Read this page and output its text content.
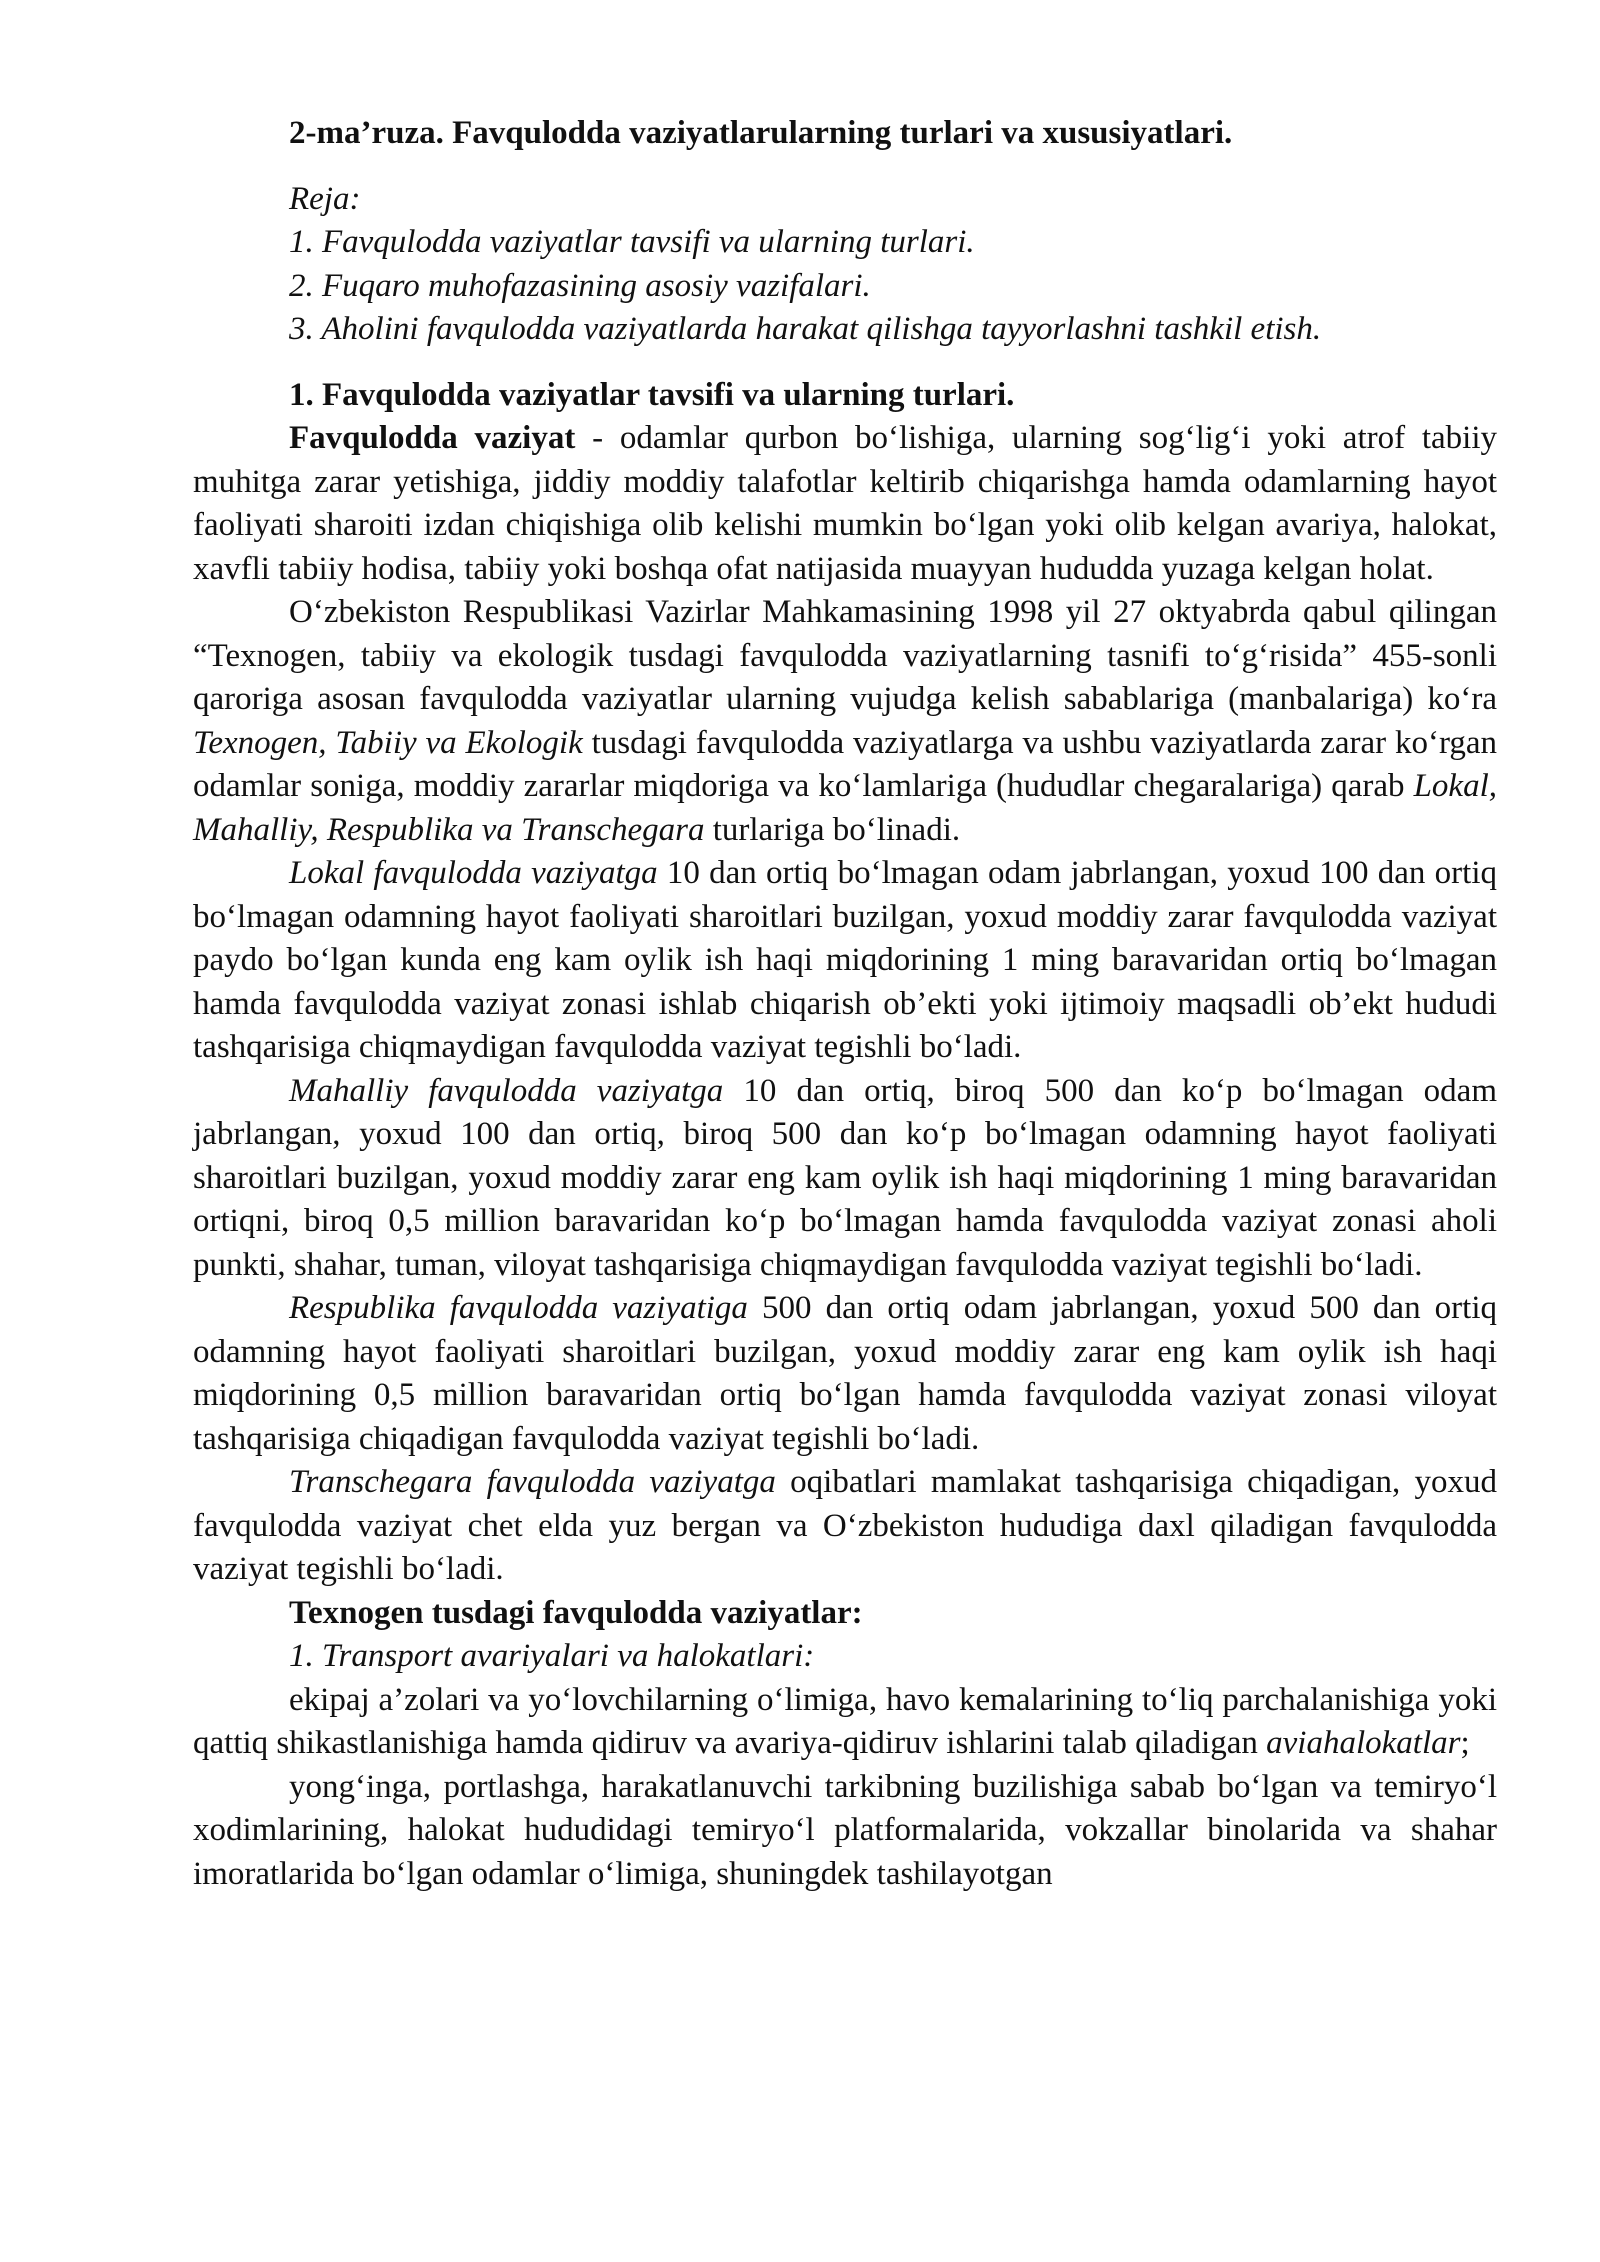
2-ma’ruza. Favqulodda vaziyatlarularning turlari va xususiyatlari.
Reja:
1. Favqulodda vaziyatlar tavsifi va ularning turlari.
2. Fuqaro muhofazasining asosiy vazifalari.
3. Aholini favqulodda vaziyatlarda harakat qilishga tayyorlashni tashkil etish.
1. Favqulodda vaziyatlar tavsifi va ularning turlari.

Favqulodda vaziyat - odamlar qurbon bo‘lishiga, ularning sog‘lig‘i yoki atrof tabiiy muhitga zarar yetishiga, jiddiy moddiy talafotlar keltirib chiqarishga hamda odamlarning hayot faoliyati sharoiti izdan chiqishiga olib kelishi mumkin bo‘lgan yoki olib kelgan avariya, halokat, xavfli tabiiy hodisa, tabiiy yoki boshqa ofat natijasida muayyan hududda yuzaga kelgan holat.

O‘zbekiston Respublikasi Vazirlar Mahkamasining 1998 yil 27 oktyabrda qabul qilingan “Texnogen, tabiiy va ekologik tusdagi favqulodda vaziyatlarning tasnifi to‘g‘risida” 455-sonli qaroriga asosan favqulodda vaziyatlar ularning vujudga kelish sabablariga (manbalariga) ko‘ra Texnogen, Tabiiy va Ekologik tusdagi favqulodda vaziyatlarga va ushbu vaziyatlarda zarar ko‘rgan odamlar soniga, moddiy zararlar miqdoriga va ko‘lamlariga (hududlar chegaralariga) qarab Lokal, Mahalliy, Respublika va Transchegara turlariga bo‘linadi.

Lokal favqulodda vaziyatga 10 dan ortiq bo‘lmagan odam jabrlangan, yoxud 100 dan ortiq bo‘lmagan odamning hayot faoliyati sharoitlari buzilgan, yoxud moddiy zarar favqulodda vaziyat paydo bo‘lgan kunda eng kam oylik ish haqi miqdorining 1 ming baravaridan ortiq bo‘lmagan hamda favqulodda vaziyat zonasi ishlab chiqarish ob’ekti yoki ijtimoiy maqsadli ob’ekt hududi tashqarisiga chiqmaydigan favqulodda vaziyat tegishli bo‘ladi.

Mahalliy favqulodda vaziyatga 10 dan ortiq, biroq 500 dan ko‘p bo‘lmagan odam jabrlangan, yoxud 100 dan ortiq, biroq 500 dan ko‘p bo‘lmagan odamning hayot faoliyati sharoitlari buzilgan, yoxud moddiy zarar eng kam oylik ish haqi miqdorining 1 ming baravaridan ortiqni, biroq 0,5 million baravaridan ko‘p bo‘lmagan hamda favqulodda vaziyat zonasi aholi punkti, shahar, tuman, viloyat tashqarisiga chiqmaydigan favqulodda vaziyat tegishli bo‘ladi.

Respublika favqulodda vaziyatiga 500 dan ortiq odam jabrlangan, yoxud 500 dan ortiq odamning hayot faoliyati sharoitlari buzilgan, yoxud moddiy zarar eng kam oylik ish haqi miqdorining 0,5 million baravaridan ortiq bo‘lgan hamda favqulodda vaziyat zonasi viloyat tashqarisiga chiqadigan favqulodda vaziyat tegishli bo‘ladi.

Transchegara favqulodda vaziyatga oqibatlari mamlakat tashqarisiga chiqadigan, yoxud favqulodda vaziyat chet elda yuz bergan va O‘zbekiston hududiga daxl qiladigan favqulodda vaziyat tegishli bo‘ladi.

Texnogen tusdagi favqulodda vaziyatlar:
1. Transport avariyalari va halokatlari:

ekipaj a’zolari va yo‘lovchilarning o‘limiga, havo kemalarining to‘liq parchalanishiga yoki qattiq shikastlanishiga hamda qidiruv va avariya-qidiruv ishlarini talab qiladigan aviahalokatlar;

yong‘inga, portlashga, harakatlanuvchi tarkibning buzilishiga sabab bo‘lgan va temiryo‘l xodimlarining, halokat hududidagi temiryo‘l platformalarida, vokzallar binolarida va shahar imoratlarida bo‘lgan odamlar o‘limiga, shuningdek tashilayotgan
